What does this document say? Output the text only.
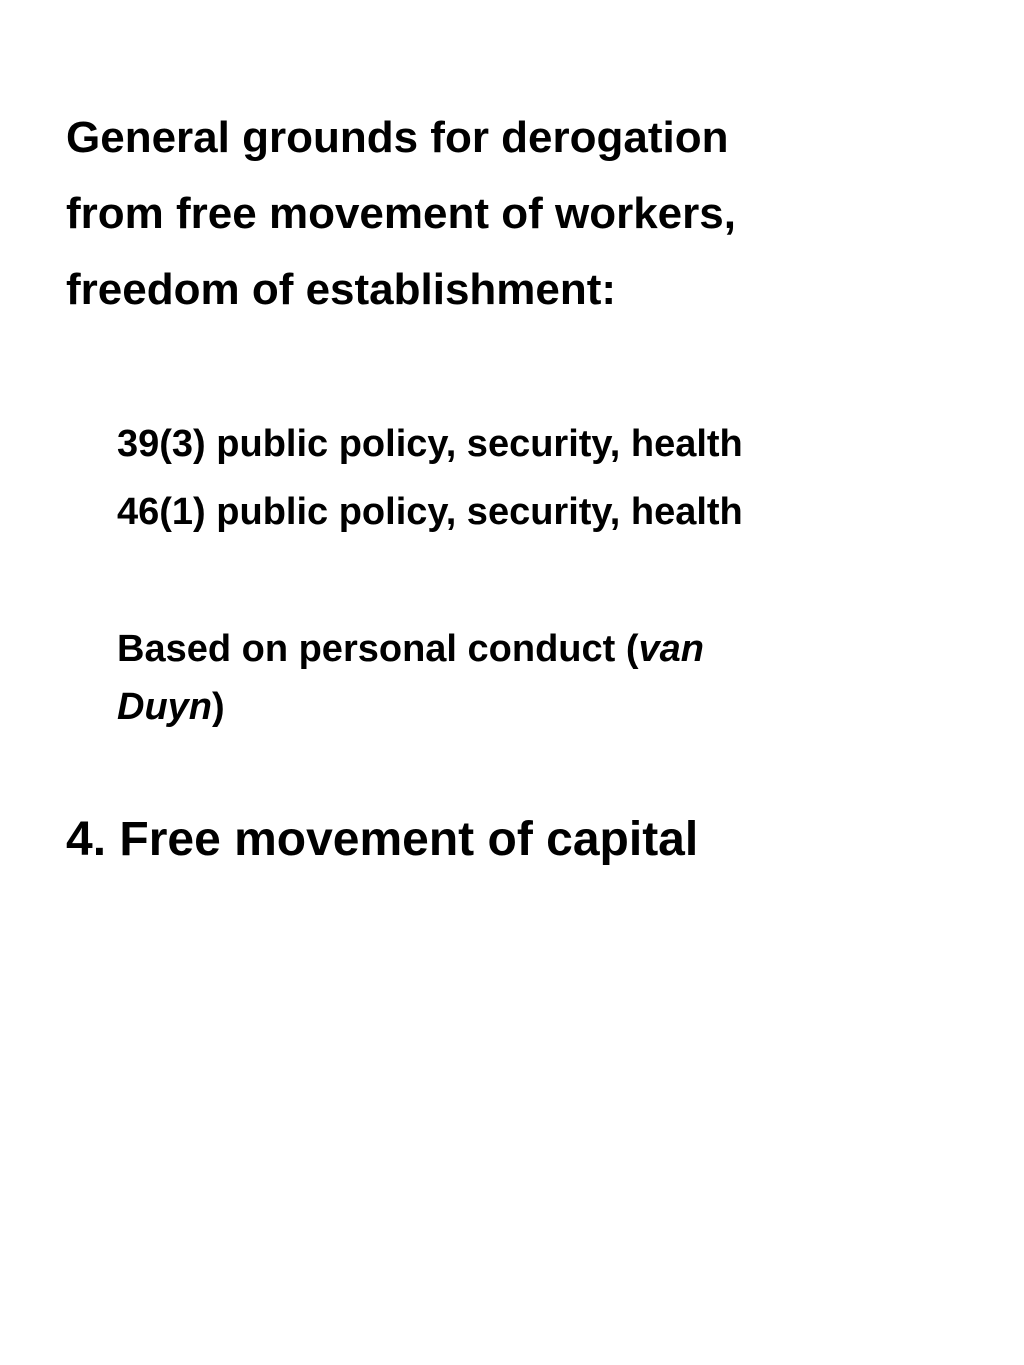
General grounds for derogation
from free movement of workers,
freedom of establishment:
39(3) public policy, security, health
46(1) public policy, security, health

Based on personal conduct (van
Duyn)

4. Free movement of capital
